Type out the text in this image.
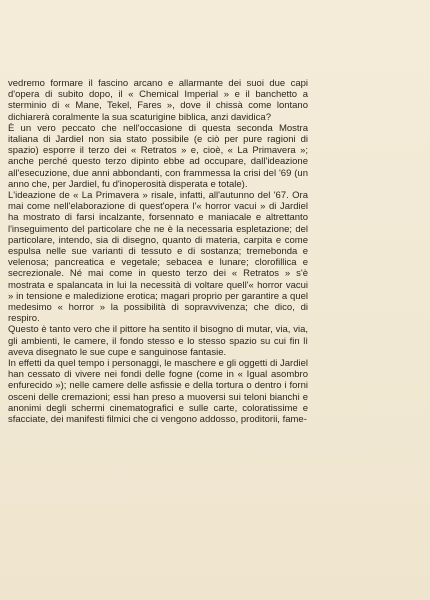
vedremo formare il fascino arcano e allarmante dei suoi due capi d'opera di subito dopo, il « Chemical Imperial » e il banchetto a sterminio di « Mane, Tekel, Fares », dove il chissà come lontano dichiarerà coralmente la sua scaturigine biblica, anzi davidica?

È un vero peccato che nell'occasione di questa seconda Mostra italiana di Jardiel non sia stato possibile (e ciò per pure ragioni di spazio) esporre il terzo dei « Retratos » e, cioè, « La Primavera »; anche perché questo terzo dipinto ebbe ad occupare, dall'ideazione all'esecuzione, due anni abbondanti, con frammessa la crisi del '69 (un anno che, per Jardiel, fu d'inoperosità disperata e totale).

L'ideazione de « La Primavera » risale, infatti, all'autunno del '67. Ora mai come nell'elaborazione di quest'opera l'« horror vacui » di Jardiel ha mostrato di farsi incalzante, forsennato e maniacale e altrettanto l'inseguimento del particolare che ne è la necessaria espletazione; del particolare, intendo, sia di disegno, quanto di materia, carpita e come espulsa nelle sue varianti di tessuto e di sostanza; tremebonda e velenosa; pancreatica e vegetale; sebacea e lunare; clorofillica e secrezionale. Né mai come in questo terzo dei « Retratos » s'è mostrata e spalancata in lui la necessità di voltare quell'« horror vacui » in tensione e maledizione erotica; magari proprio per garantire a quel medesimo « horror » la possibilità di sopravvivenza; che dico, di respiro.

Questo è tanto vero che il pittore ha sentito il bisogno di mutar, via, via, gli ambienti, le camere, il fondo stesso e lo stesso spazio su cui fin lì aveva disegnato le sue cupe e sanguinose fantasie.

In effetti da quel tempo i personaggi, le maschere e gli oggetti di Jardiel han cessato di vivere nei fondi delle fogne (come in « Igual asombro enfurecido »); nelle camere delle asfissie e della tortura o dentro i forni osceni delle cremazioni; essi han preso a muoversi sui teloni bianchi e anonimi degli schermi cinematografici e sulle carte, coloratissime e sfacciate, dei manifesti filmici che ci vengono addosso, proditorii, fame-
